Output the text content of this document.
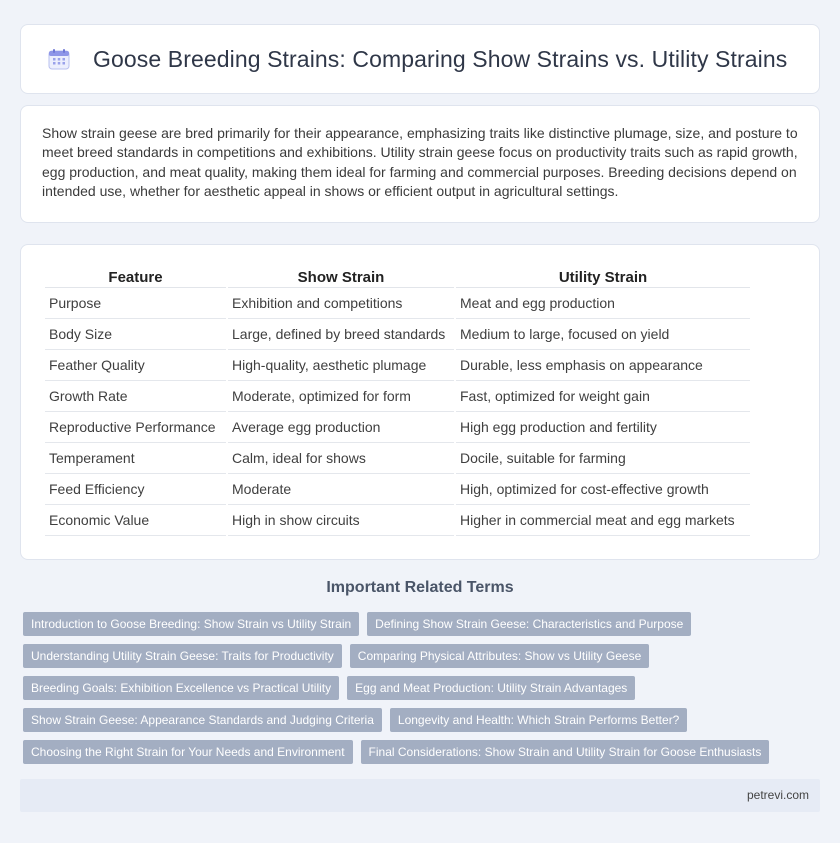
Goose Breeding Strains: Comparing Show Strains vs. Utility Strains

Show strain geese are bred primarily for their appearance, emphasizing traits like distinctive plumage, size, and posture to meet breed standards in competitions and exhibitions. Utility strain geese focus on productivity traits such as rapid growth, egg production, and meat quality, making them ideal for farming and commercial purposes. Breeding decisions depend on intended use, whether for aesthetic appeal in shows or efficient output in agricultural settings.

Feature	Show Strain	Utility Strain
Purpose	Exhibition and competitions	Meat and egg production
Body Size	Large, defined by breed standards	Medium to large, focused on yield
Feather Quality	High-quality, aesthetic plumage	Durable, less emphasis on appearance
Growth Rate	Moderate, optimized for form	Fast, optimized for weight gain
Reproductive Performance	Average egg production	High egg production and fertility
Temperament	Calm, ideal for shows	Docile, suitable for farming
Feed Efficiency	Moderate	High, optimized for cost-effective growth
Economic Value	High in show circuits	Higher in commercial meat and egg markets
Important Related Terms
Introduction to Goose Breeding: Show Strain vs Utility Strain	Defining Show Strain Geese: Characteristics and Purpose
Understanding Utility Strain Geese: Traits for Productivity	Comparing Physical Attributes: Show vs Utility Geese
Breeding Goals: Exhibition Excellence vs Practical Utility	Egg and Meat Production: Utility Strain Advantages
Show Strain Geese: Appearance Standards and Judging Criteria	Longevity and Health: Which Strain Performs Better?
Choosing the Right Strain for Your Needs and Environment	Final Considerations: Show Strain and Utility Strain for Goose Enthusiasts
petrevi.com
